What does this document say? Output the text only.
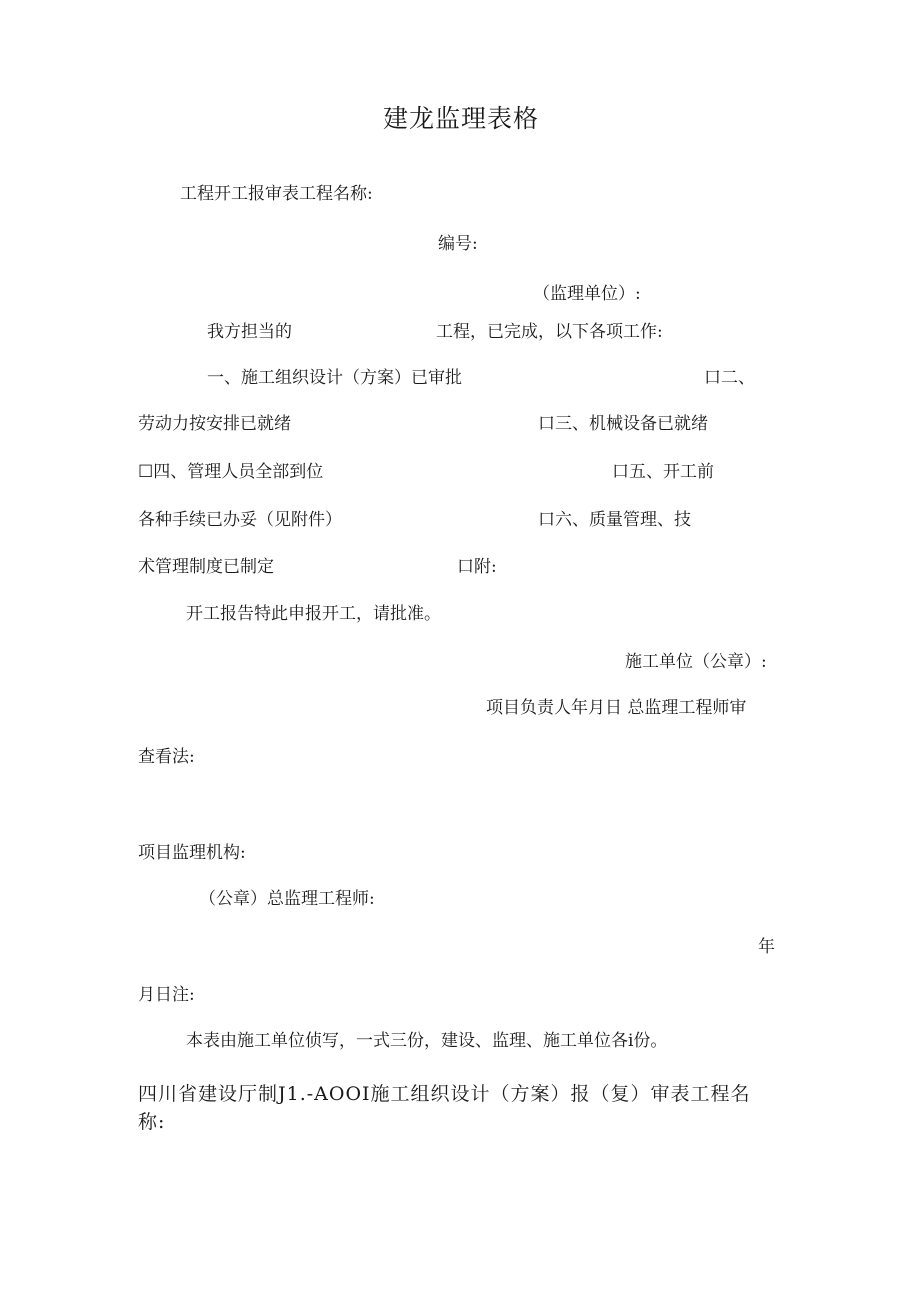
建龙监理表格
工程开工报审表工程名称:
编号:
（监理单位）:
我方担当的	工程，已完成，以下各项工作:
一、施工组织设计（方案）已审批	口二、
劳动力按安排已就绪	口三、机械设备已就绪
☐四、管理人员全部到位	口五、开工前
各种手续已办妥（见附件）	口六、质量管理、技
术管理制度已制定	口附:
开工报告特此申报开工，请批准。
施工单位（公章）:
项目负责人年月日 总监理工程师审
查看法:
项目监理机构:
（公章）总监理工程师:
年
月日注:
本表由施工单位侦写，一式三份，建设、监理、施工单位各i份。
四川省建设厅制J1.-AOOI施工组织设计（方案）报（复）审表工程名
称:
